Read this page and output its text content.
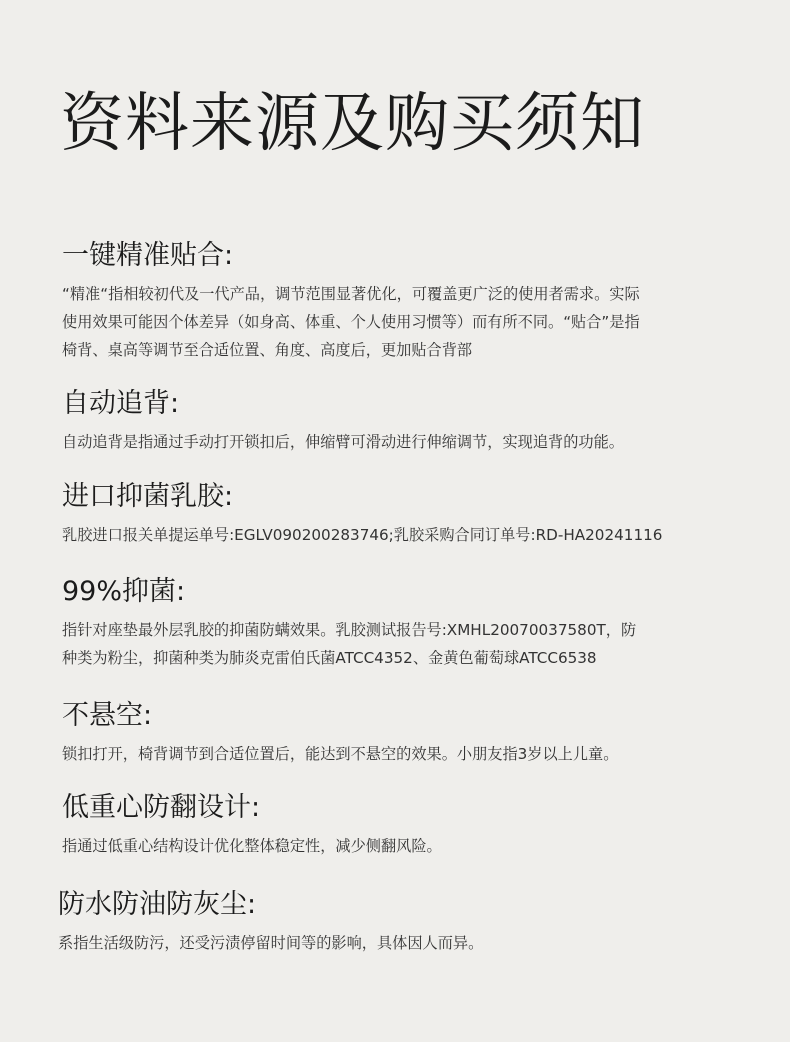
资料来源及购买须知
一键精准贴合:

“精准“指相较初代及一代产品，调节范围显著优化，可覆盖更广泛的使用者需求。实际
使用效果可能因个体差异（如身高、体重、个人使用习惯等）而有所不同。“贴合”是指
椅背、桌高等调节至合适位置、角度、高度后，更加贴合背部

自动追背:

自动追背是指通过手动打开锁扣后，伸缩臂可滑动进行伸缩调节，实现追背的功能。

进口抑菌乳胶:

乳胶进口报关单提运单号:EGLV090200283746;乳胶采购合同订单号:RD-HA20241116

99%抑菌:

指针对座垫最外层乳胶的抑菌防螨效果。乳胶测试报告号:XMHL20070037580T，防
种类为粉尘，抑菌种类为肺炎克雷伯氏菌ATCC4352、金黄色葡萄球ATCC6538

不悬空:

锁扣打开，椅背调节到合适位置后，能达到不悬空的效果。小朋友指3岁以上儿童。

低重心防翻设计:

指通过低重心结构设计优化整体稳定性，减少侧翻风险。

防水防油防灰尘:

系指生活级防污，还受污渍停留时间等的影响，具体因人而异。
